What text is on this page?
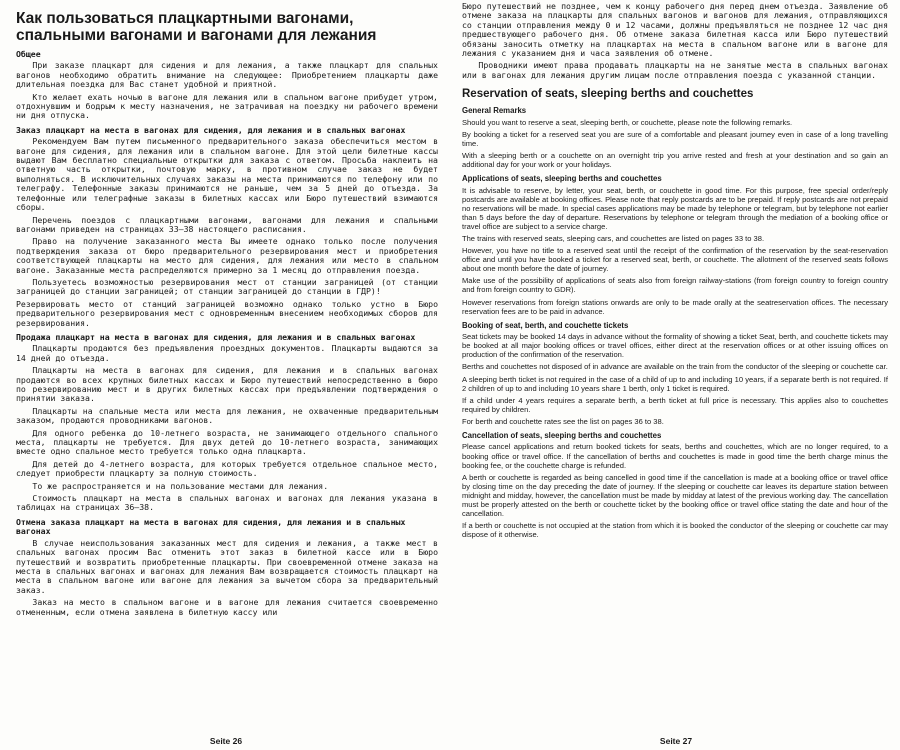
Как пользоваться плацкартными вагонами, спальными вагонами и вагонами для лежания
Общее

При заказе плацкарт для сидения и для лежания, а также плацкарт для спальных вагонов необходимо обратить внимание на следующее: Приобретением плацкарты даже длительная поездка для Вас станет удобной и приятной.

Кто желает ехать ночью в вагоне для лежания или в спальном вагоне прибудет утром, отдохнувшим и бодрым к месту назначения, не затрачивая на поездку ни рабочего времени ни дня отпуска.

Заказ плацкарт на места в вагонах для сидения, для лежания и в спальных вагонах

Рекомендуем Вам путем письменного предварительного заказа обеспечиться местом в вагоне для сидения, для лежания или в спальном вагоне. Для этой цели билетные кассы выдают Вам бесплатно специальные открытки для заказа с ответом. Просьба наклеить на ответную часть открытки, почтовую марку, в противном случае заказ не будет выполняться. В исключительных случаях заказы на места принимаются по телефону или по телеграфу. Телефонные заказы принимаются не раньше, чем за 5 дней до отъезда. За телефонные или телеграфные заказы в билетных кассах или Бюро путешествий взимаются сборы.

Перечень поездов с плацкартными вагонами, вагонами для лежания и спальными вагонами приведен на страницах 33—38 настоящего расписания.

Право на получение заказанного места Вы имеете однако только после получения подтверждения заказа от бюро предварительного резервирования мест и приобретения соответствующей плацкарты на место для сидения, для лежания или место в спальном вагоне. Заказанные места распределяются примерно за 1 месяц до отправления поезда.

Пользуетесь возможностью резервирования мест от станции заграницей (от станции заграницей до станции заграницей; от станции заграницей до станции в ГДР)!

Резервировать место от станций заграницей возможно однако только устно в Бюро предварительного резервирования мест с одновременным внесением необходимых сборов для резервирования.

Продажа плацкарт на места в вагонах для сидения, для лежания и в спальных вагонах

Плацкарты продаются без предъявления проездных документов. Плацкарты выдаются за 14 дней до отъезда.

Плацкарты на места в вагонах для сидения, для лежания и в спальных вагонах продаются во всех крупных билетных кассах и Бюро путешествий непосредственно в бюро по резервированию мест и в других билетных кассах при предъявлении подтверждения о принятии заказа.

Плацкарты на спальные места или места для лежания, не охваченные предварительным заказом, продаются проводниками вагонов.

Для одного ребенка до 10-летнего возраста, не занимающего отдельного спального места, плацкарты не требуется. Для двух детей до 10-летнего возраста, занимающих вместе одно спальное место требуется только одна плацкарта.

Для детей до 4-летнего возраста, для которых требуется отдельное спальное место, следует приобрести плацкарту за полную стоимость.

То же распространяется и на пользование местами для лежания.

Стоимость плацкарт на места в спальных вагонах и вагонах для лежания указана в таблицах на страницах 36—38.

Отмена заказа плацкарт на места в вагонах для сидения, для лежания и в спальных вагонах

В случае неиспользования заказанных мест для сидения и лежания, а также мест в спальных вагонах просим Вас отменить этот заказ в билетной кассе или в Бюро путешествий и возвратить приобретенные плацкарты. При своевременной отмене заказа на места в спальных вагонах и вагонах для лежания Вам возвращается стоимость плацкарт на места в спальном вагоне или вагоне для лежания за вычетом сбора за предварительный заказ.

Заказ на место в спальном вагоне и в вагоне для лежания считается своевременно отмененным, если отмена заявлена в билетную кассу или

Seite 26

Бюро путешествий не позднее, чем к концу рабочего дня перед днем отъезда. Заявление об отмене заказа на плацкарты для спальных вагонов и вагонов для лежания, отправляющихся со станции отправления между 0 и 12 часами, должны предъявляться не позднее 12 час дня предшествующего рабочего дня. Об отмене заказа билетная касса или Бюро путешествий обязаны заносить отметку на плацкартах на места в спальном вагоне или в вагоне для лежания с указанием дня и часа заявления об отмене.

Проводники имеют права продавать плацкарты на не занятые места в спальных вагонах или в вагонах для лежания другим лицам после отправления поезда с указанной станции.

Reservation of seats, sleeping berths and couchettes
General Remarks

Should you want to reserve a seat, sleeping berth, or couchette, please note the following remarks.

By booking a ticket for a reserved seat you are sure of a comfortable and pleasant journey even in case of a long travelling time.

With a sleeping berth or a couchette on an overnight trip you arrive rested and fresh at your destination and so gain an additional day for your work or your holidays.

Applications of seats, sleeping berths and couchettes

It is advisable to reserve, by letter, your seat, berth, or couchette in good time. For this purpose, free special order/reply postcards are available at booking offices. Please note that reply postcards are to be prepaid. If reply postcards are not prepaid no reservations will be made. In special cases applications may be made by telephone or telegram, but by telephone not earlier than 5 days before the day of departure. Reservations by telephone or telegram through the mediation of a booking office or travel office are subject to a service charge.

The trains with reserved seats, sleeping cars, and couchettes are listed on pages 33 to 38.

However, you have no title to a reserved seat until the receipt of the confirmation of the reservation by the seat-reservation office and until you have booked a ticket for a reserved seat, berth, or couchette. The allotment of the reserved seats follows about one month before the date of journey.

Make use of the possibility of applications of seats also from foreign railway-stations (from foreign country to foreign country and from foreign country to GDR).

However reservations from foreign stations onwards are only to be made orally at the seatreservation offices. The necessary reservation fees are to be paid in advance.

Booking of seat, berth, and couchette tickets

Seat tickets may be booked 14 days in advance without the formality of showing a ticket Seat, berth, and couchette tickets may be booked at all major booking offices or travel offices, either direct at the reservation offices or at other issuing offices on production of the confirmation of the reservation.

Berths and couchettes not disposed of in advance are available on the train from the conductor of the sleeping or couchette car.

A sleeping berth ticket is not required in the case of a child of up to and including 10 years, if a separate berth is not required. If 2 children of up to and including 10 years share 1 berth, only 1 ticket is required.

If a child under 4 years requires a separate berth, a berth ticket at full price is necessary. This applies also to couchettes required by children.

For berth and couchette rates see the list on pages 36 to 38.

Cancellation of seats, sleeping berths and couchettes

Please cancel applications and return booked tickets for seats, berths and couchettes, which are no longer required, to a booking office or travel office. If the cancellation of berths and couchettes is made in good time the berth charge minus the booking fee, or the couchette charge is refunded.

A berth or couchette is regarded as being cancelled in good time if the cancellation is made at a booking office or travel office by closing time on the day preceding the date of journey. If the sleeping or couchette car leaves its departure station between midnight and midday, however, the cancellation must be made by midday at latest of the previous working day. The cancellation must be properly attested on the berth or couchette ticket by the booking office or travel office stating the date and hour of the cancellation.

If a berth or couchette is not occupied at the station from which it is booked the conductor of the sleeping or couchette car may dispose of it otherwise.

Seite 27
